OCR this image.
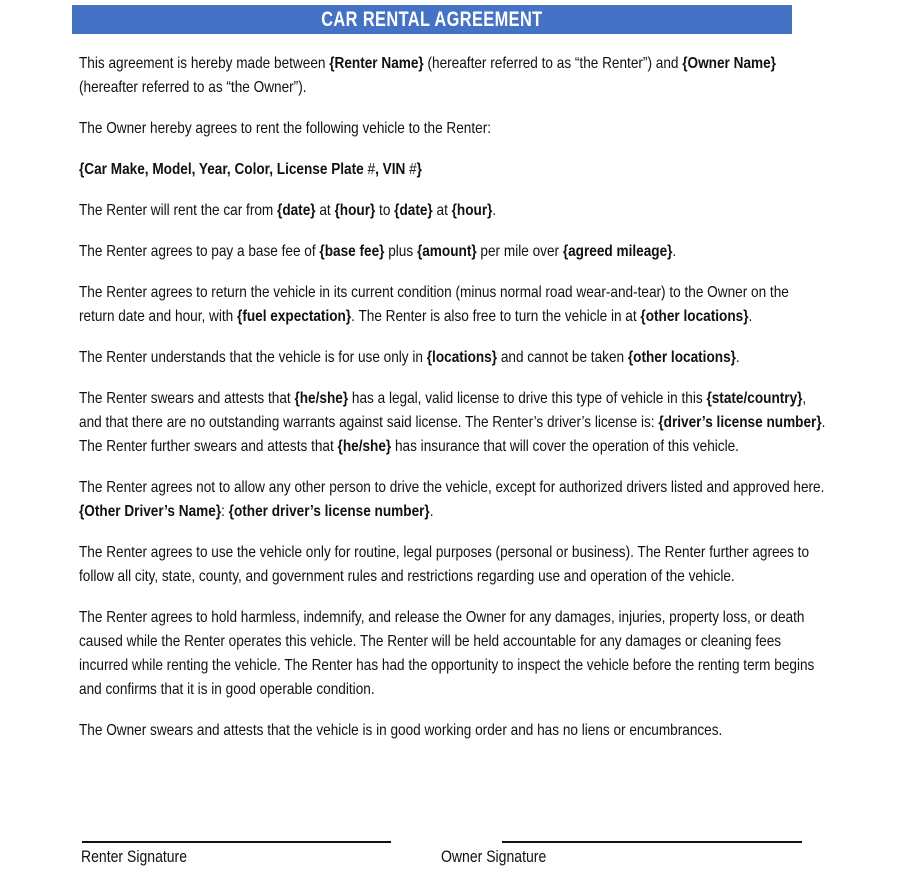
CAR RENTAL AGREEMENT

This agreement is hereby made between {Renter Name} (hereafter referred to as “the Renter”) and {Owner Name} (hereafter referred to as “the Owner”).

The Owner hereby agrees to rent the following vehicle to the Renter:

{Car Make, Model, Year, Color, License Plate #, VIN #}

The Renter will rent the car from {date} at {hour} to {date} at {hour}.

The Renter agrees to pay a base fee of {base fee} plus {amount} per mile over {agreed mileage}.

The Renter agrees to return the vehicle in its current condition (minus normal road wear-and-tear) to the Owner on the return date and hour, with {fuel expectation}. The Renter is also free to turn the vehicle in at {other locations}.

The Renter understands that the vehicle is for use only in {locations} and cannot be taken {other locations}.

The Renter swears and attests that {he/she} has a legal, valid license to drive this type of vehicle in this {state/country}, and that there are no outstanding warrants against said license. The Renter’s driver’s license is: {driver’s license number}. The Renter further swears and attests that {he/she} has insurance that will cover the operation of this vehicle.

The Renter agrees not to allow any other person to drive the vehicle, except for authorized drivers listed and approved here. {Other Driver’s Name}: {other driver’s license number}.

The Renter agrees to use the vehicle only for routine, legal purposes (personal or business). The Renter further agrees to follow all city, state, county, and government rules and restrictions regarding use and operation of the vehicle.

The Renter agrees to hold harmless, indemnify, and release the Owner for any damages, injuries, property loss, or death caused while the Renter operates this vehicle. The Renter will be held accountable for any damages or cleaning fees incurred while renting the vehicle. The Renter has had the opportunity to inspect the vehicle before the renting term begins and confirms that it is in good operable condition.

The Owner swears and attests that the vehicle is in good working order and has no liens or encumbrances.

Renter Signature	Owner Signature
